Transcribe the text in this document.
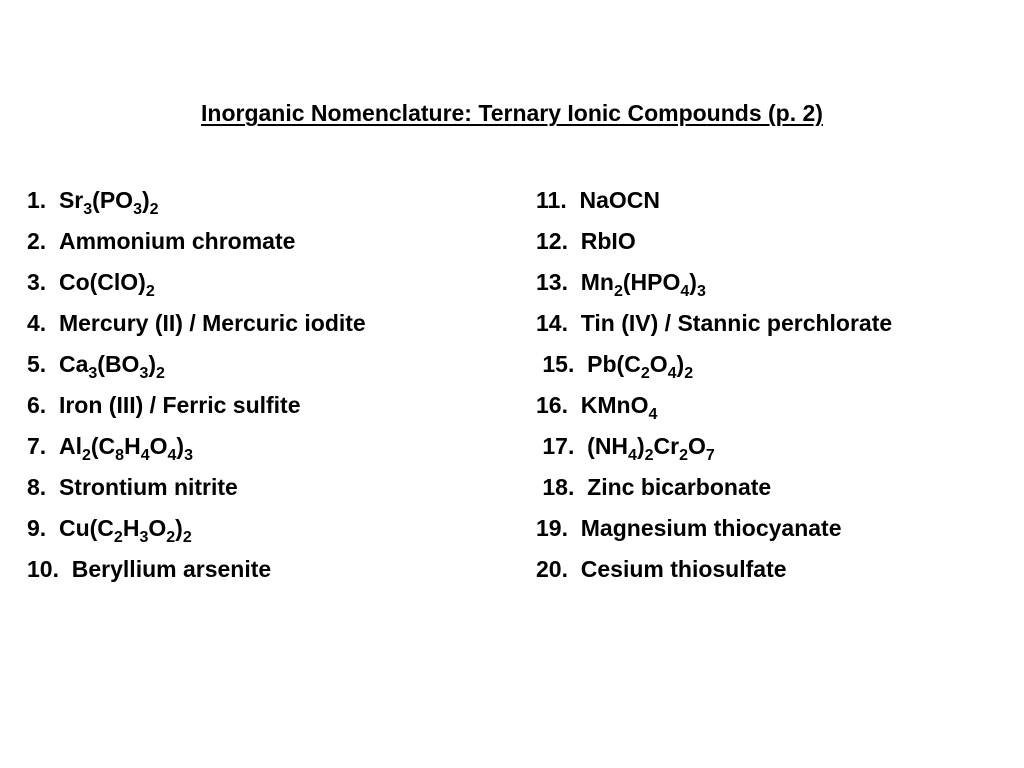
Inorganic Nomenclature: Ternary Ionic Compounds (p. 2)
1. $Sr_3(PO_3)_2$
2. Ammonium chromate
3. $Co(ClO)_2$
4. Mercury (II) / Mercuric iodite
5. $Ca_3(BO_3)_2$
6. Iron (III) / Ferric sulfite
7. $Al_2(C_8H_4O_4)_3$
8. Strontium nitrite
9. $Cu(C_2H_3O_2)_2$
10. Beryllium arsenite
11. NaOCN
12. RbIO
13. $Mn_2(HPO_4)_3$
14. Tin (IV) / Stannic perchlorate
15. $Pb(C_2O_4)_2$
16. KMnO$_4$
17. $(NH_4)_2Cr_2O_7$
18. Zinc bicarbonate
19. Magnesium thiocyanate
20. Cesium thiosulfate
